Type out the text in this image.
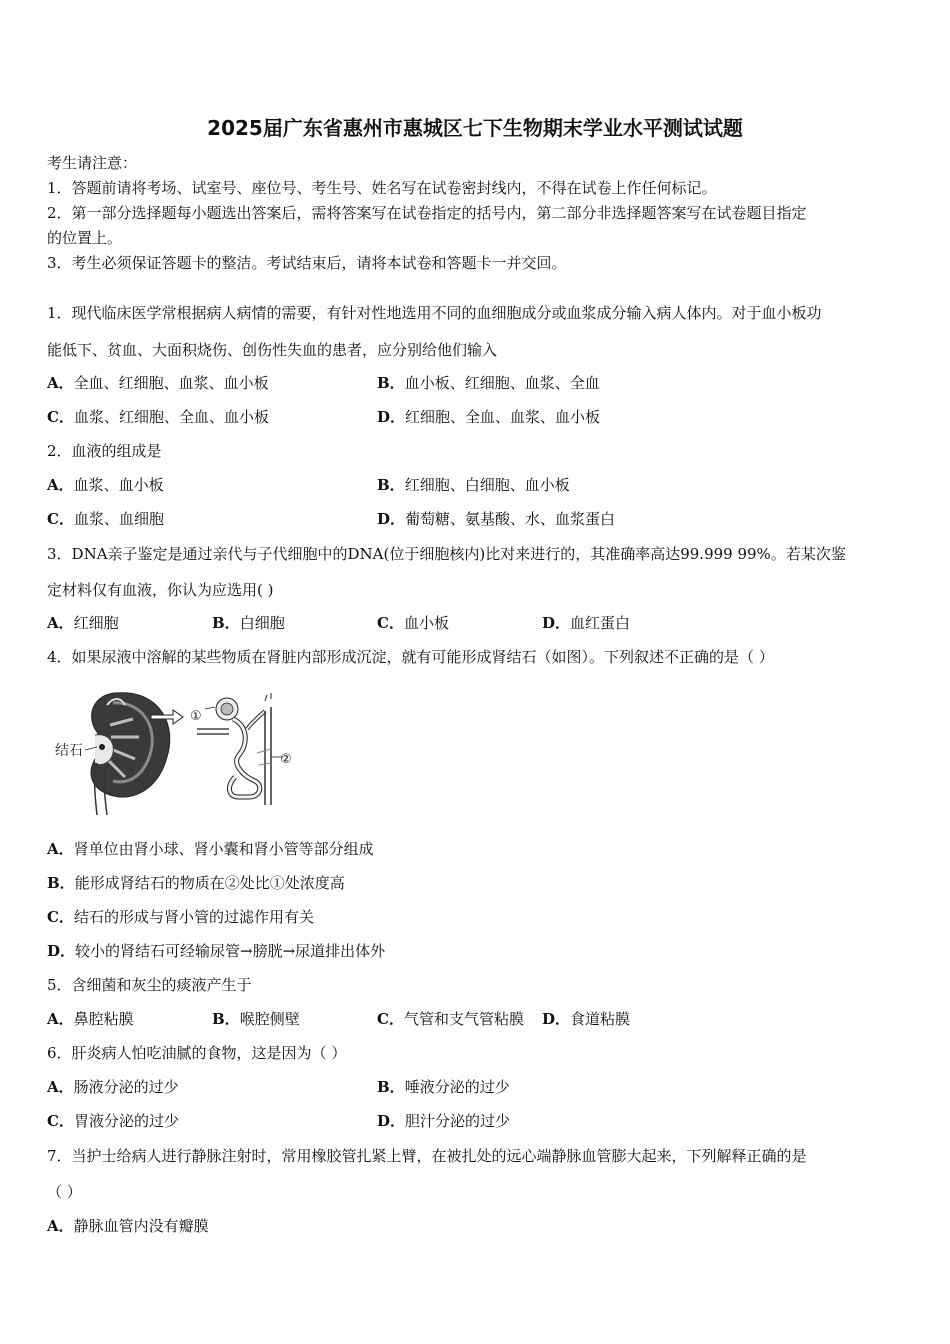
2025届广东省惠州市惠城区七下生物期末学业水平测试试题
考生请注意：
1．答题前请将考场、试室号、座位号、考生号、姓名写在试卷密封线内，不得在试卷上作任何标记。
2．第一部分选择题每小题选出答案后，需将答案写在试卷指定的括号内，第二部分非选择题答案写在试卷题目指定
的位置上。
3．考生必须保证答题卡的整洁。考试结束后，请将本试卷和答题卡一并交回。
1．现代临床医学常根据病人病情的需要，有针对性地选用不同的血细胞成分或血浆成分输入病人体内。对于血小板功
能低下、贫血、大面积烧伤、创伤性失血的患者，应分别给他们输入
A．全血、红细胞、血浆、血小板	B．血小板、红细胞、血浆、全血
C．血浆、红细胞、全血、血小板	D．红细胞、全血、血浆、血小板
2．血液的组成是
A．血浆、血小板	B．红细胞、白细胞、血小板
C．血浆、血细胞	D．葡萄糖、氨基酸、水、血浆蛋白
3．DNA亲子鉴定是通过亲代与子代细胞中的DNA(位于细胞核内)比对来进行的，其准确率高达99.999 99%。若某次鉴
定材料仅有血液，你认为应选用( )
A．红细胞	B．白细胞	C．血小板	D．血红蛋白
4．如果尿液中溶解的某些物质在肾脏内部形成沉淀，就有可能形成肾结石（如图）。下列叙述不正确的是（ ）
结石
①
②
A．肾单位由肾小球、肾小囊和肾小管等部分组成
B．能形成肾结石的物质在②处比①处浓度高
C．结石的形成与肾小管的过滤作用有关
D．较小的肾结石可经输尿管→膀胱→尿道排出体外
5．含细菌和灰尘的痰液产生于
A．鼻腔粘膜	B．喉腔侧壁	C．气管和支气管粘膜 D．食道粘膜
6．肝炎病人怕吃油腻的食物，这是因为（ ）
A．肠液分泌的过少	B．唾液分泌的过少
C．胃液分泌的过少	D．胆汁分泌的过少
7．当护士给病人进行静脉注射时，常用橡胶管扎紧上臂，在被扎处的远心端静脉血管膨大起来，下列解释正确的是
（ ）
A．静脉血管内没有瓣膜
